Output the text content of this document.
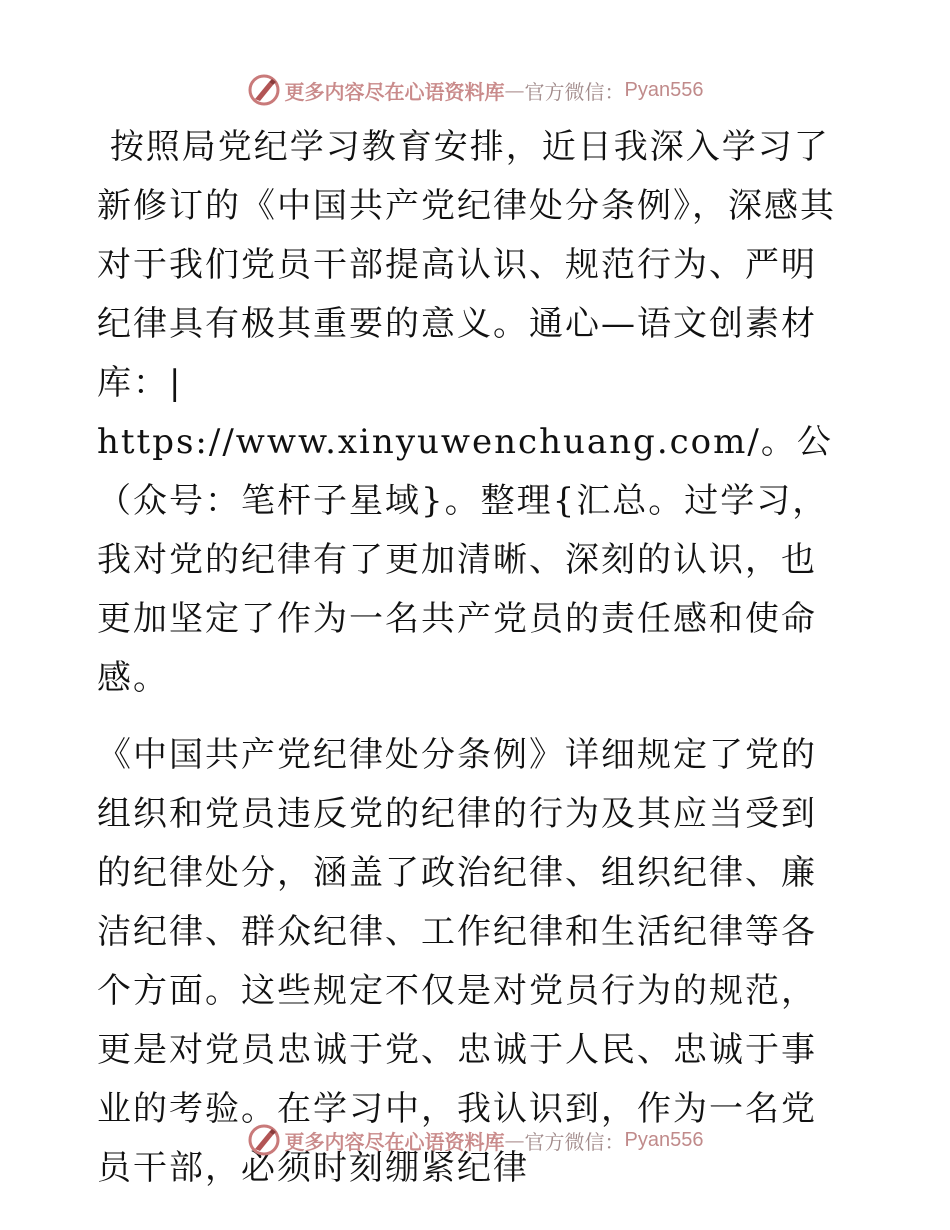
更多内容尽在心语资料库 — 官方微信： Pyan556

按照局党纪学习教育安排，近日我深入学习了新修订的《中国共产党纪律处分条例》，深感其对于我们党员干部提高认识、规范行为、严明纪律具有极其重要的意义。通心—语文创素材库：|
https://www.xinyuwenchuang.com/。公（众号：笔杆子星域}。整理{汇总。过学习，我对党的纪律有了更加清晰、深刻的认识，也更加坚定了作为一名共产党员的责任感和使命感。

《中国共产党纪律处分条例》详细规定了党的组织和党员违反党的纪律的行为及其应当受到的纪律处分，涵盖了政治纪律、组织纪律、廉洁纪律、群众纪律、工作纪律和生活纪律等各个方面。这些规定不仅是对党员行为的规范，更是对党员忠诚于党、忠诚于人民、忠诚于事业的考验。在学习中，我认识到，作为一名党员干部，必须时刻绷紧纪律

更多内容尽在心语资料库 — 官方微信： Pyan556
